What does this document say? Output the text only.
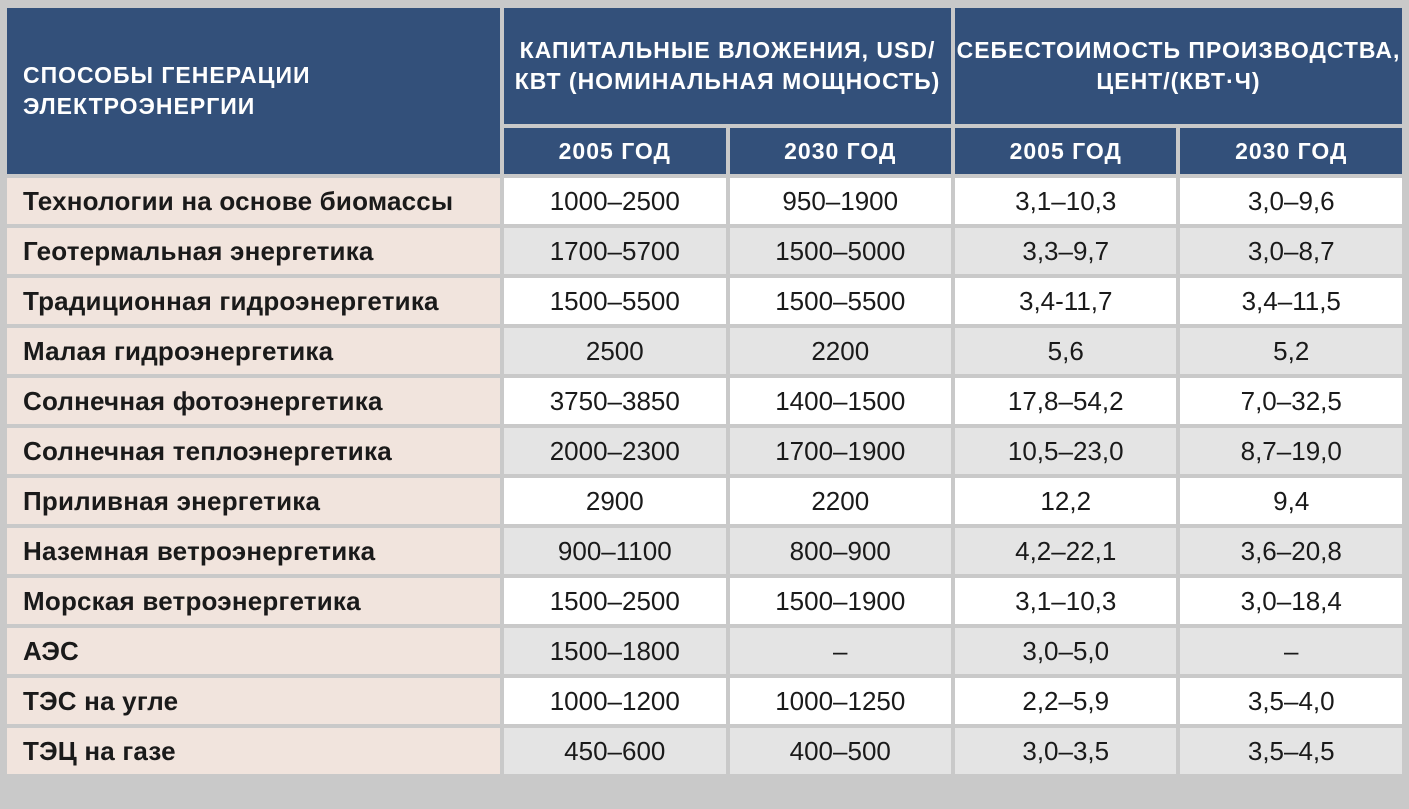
СПОСОБЫ ГЕНЕРАЦИИ ЭЛЕКТРОЭНЕРГИИ	КАПИТАЛЬНЫЕ ВЛОЖЕНИЯ, USD/КВТ (НОМИНАЛЬНАЯ МОЩНОСТЬ)		СЕБЕСТОИМОСТЬ ПРОИЗВОДСТВА, ЦЕНТ/(КВТ·Ч)	
	2005 ГОД	2030 ГОД	2005 ГОД	2030 ГОД
Технологии на основе биомассы	1000–2500	950–1900	3,1–10,3	3,0–9,6
Геотермальная энергетика	1700–5700	1500–5000	3,3–9,7	3,0–8,7
Традиционная гидроэнергетика	1500–5500	1500–5500	3,4-11,7	3,4–11,5
Малая гидроэнергетика	2500	2200	5,6	5,2
Солнечная фотоэнергетика	3750–3850	1400–1500	17,8–54,2	7,0–32,5
Солнечная теплоэнергетика	2000–2300	1700–1900	10,5–23,0	8,7–19,0
Приливная энергетика	2900	2200	12,2	9,4
Наземная ветроэнергетика	900–1100	800–900	4,2–22,1	3,6–20,8
Морская ветроэнергетика	1500–2500	1500–1900	3,1–10,3	3,0–18,4
АЭС	1500–1800	–	3,0–5,0	–
ТЭС на угле	1000–1200	1000–1250	2,2–5,9	3,5–4,0
ТЭЦ на газе	450–600	400–500	3,0–3,5	3,5–4,5
